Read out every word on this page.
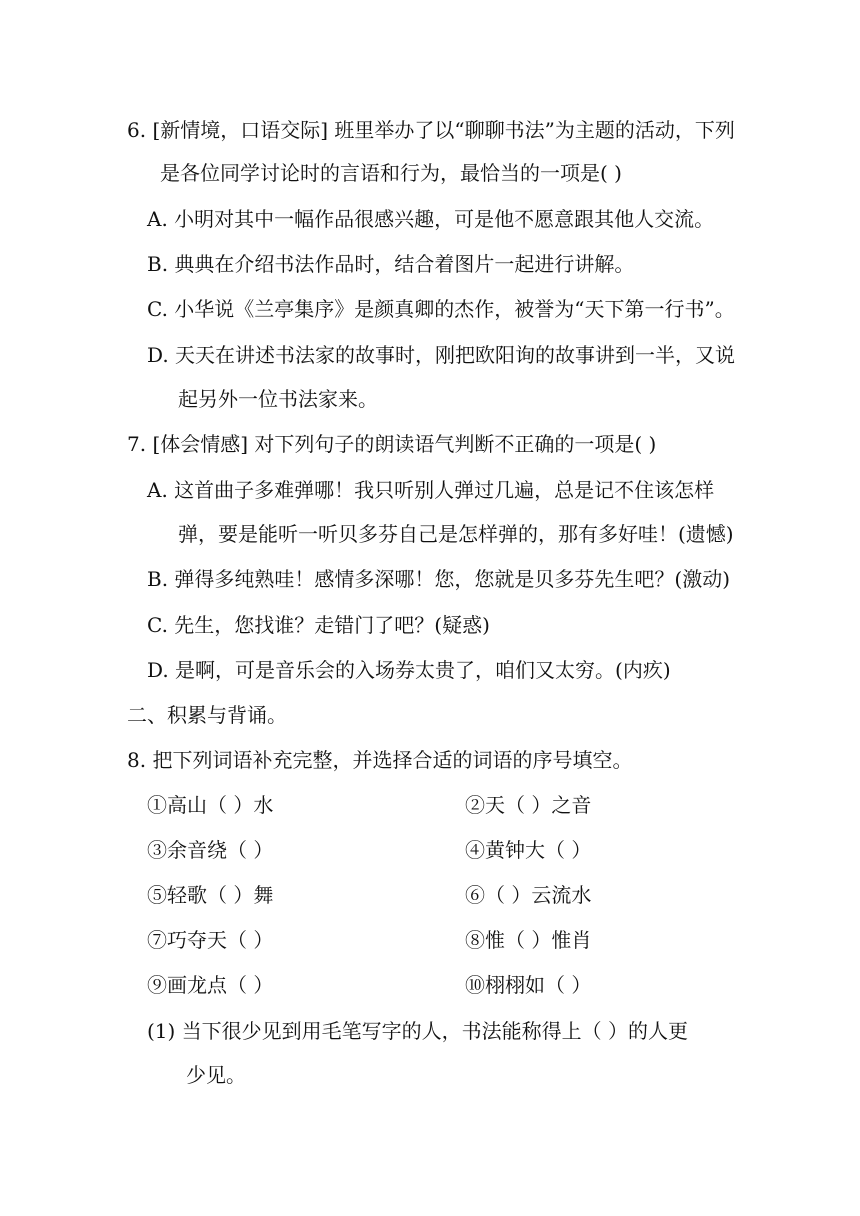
6. [新情境，口语交际] 班里举办了以“聊聊书法”为主题的活动，下列
是各位同学讨论时的言语和行为，最恰当的一项是( )
A. 小明对其中一幅作品很感兴趣，可是他不愿意跟其他人交流。
B. 典典在介绍书法作品时，结合着图片一起进行讲解。
C. 小华说《兰亭集序》是颜真卿的杰作，被誉为“天下第一行书”。
D. 天天在讲述书法家的故事时，刚把欧阳询的故事讲到一半，又说
起另外一位书法家来。
7. [体会情感] 对下列句子的朗读语气判断不正确的一项是( )
A. 这首曲子多难弹哪！我只听别人弹过几遍，总是记不住该怎样
弹，要是能听一听贝多芬自己是怎样弹的，那有多好哇！(遗憾)
B. 弹得多纯熟哇！感情多深哪！您，您就是贝多芬先生吧？(激动)
C. 先生，您找谁？走错门了吧？(疑惑)
D. 是啊，可是音乐会的入场券太贵了，咱们又太穷。(内疚)
二、积累与背诵。
8. 把下列词语补充完整，并选择合适的词语的序号填空。
①高山（ ）水	②天（ ）之音
③余音绕（ ）	④黄钟大（ ）
⑤轻歌（ ）舞	⑥（ ）云流水
⑦巧夺天（ ）	⑧惟（ ）惟肖
⑨画龙点（ ）	⑩栩栩如（ ）
(1) 当下很少见到用毛笔写字的人，书法能称得上（ ）的人更
少见。
